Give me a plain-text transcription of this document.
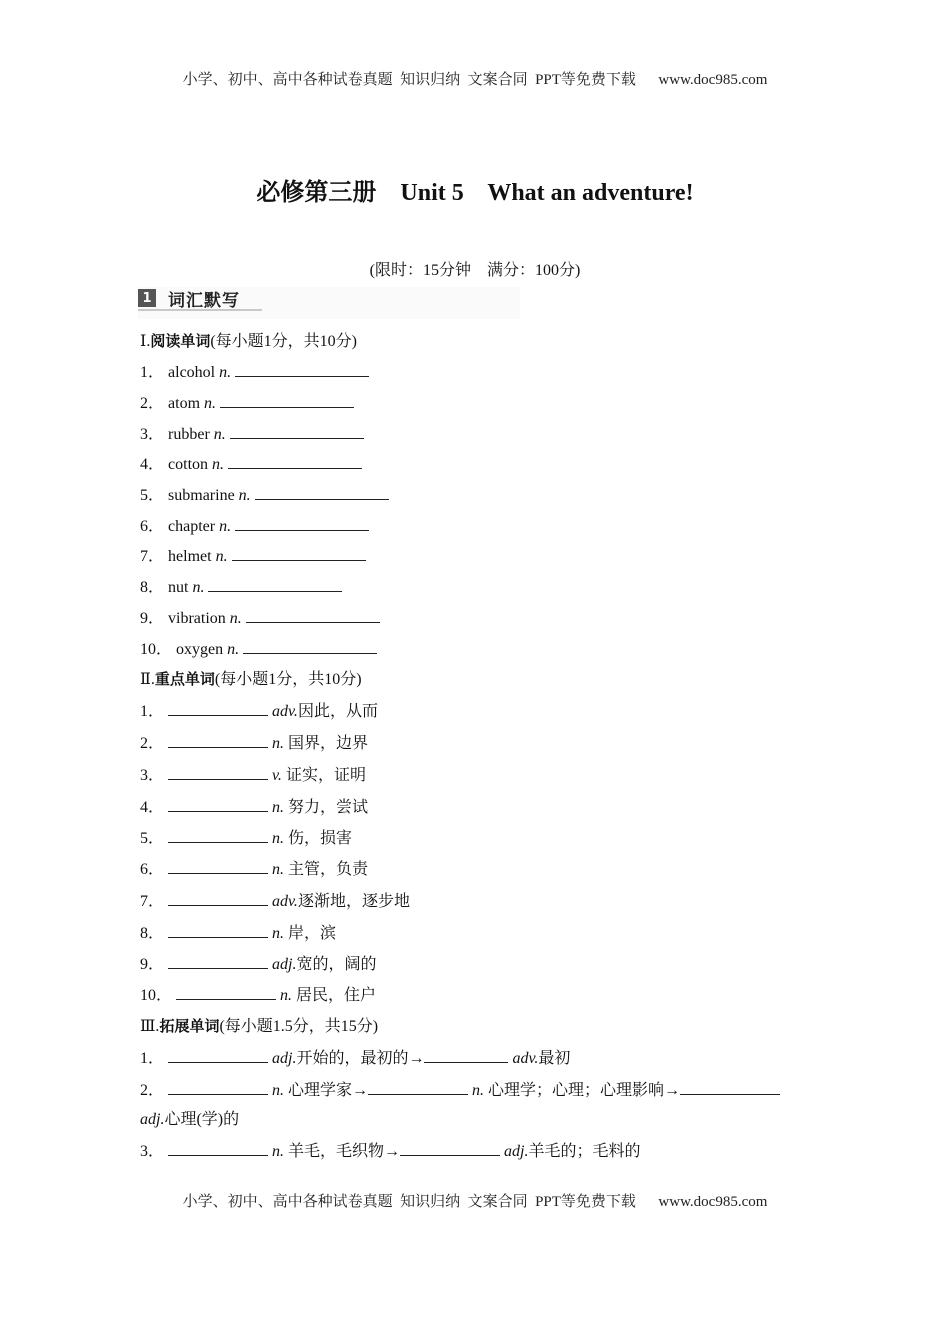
小学、初中、高中各种试卷真题  知识归纳  文案合同  PPT等免费下载      www.doc985.com
必修第三册    Unit 5    What an adventure!
(限时：15分钟    满分：100分)
1 词汇默写
Ⅰ.阅读单词(每小题1分，共10分)
1． alcohol n.
2． atom n.
3． rubber n.
4． cotton n.
5． submarine n.
6． chapter n.
7． helmet n.
8． nut n.
9． vibration n.
10． oxygen n.
Ⅱ.重点单词(每小题1分，共10分)
1．	adv.因此，从而
2．	n. 国界，边界
3．	v. 证实，证明
4．	n. 努力，尝试
5．	n. 伤，损害
6．	n. 主管，负责
7．	adv.逐渐地，逐步地
8．	n. 岸，滨
9．	adj.宽的，阔的
10．	n. 居民，住户
Ⅲ.拓展单词(每小题1.5分，共15分)
1．	adj.开始的，最初的→	adv.最初
2．	n. 心理学家→	n. 心理学；心理；心理影响→
adj.心理(学)的
3．	n. 羊毛，毛织物→	adj.羊毛的；毛料的
小学、初中、高中各种试卷真题  知识归纳  文案合同  PPT等免费下载      www.doc985.com
